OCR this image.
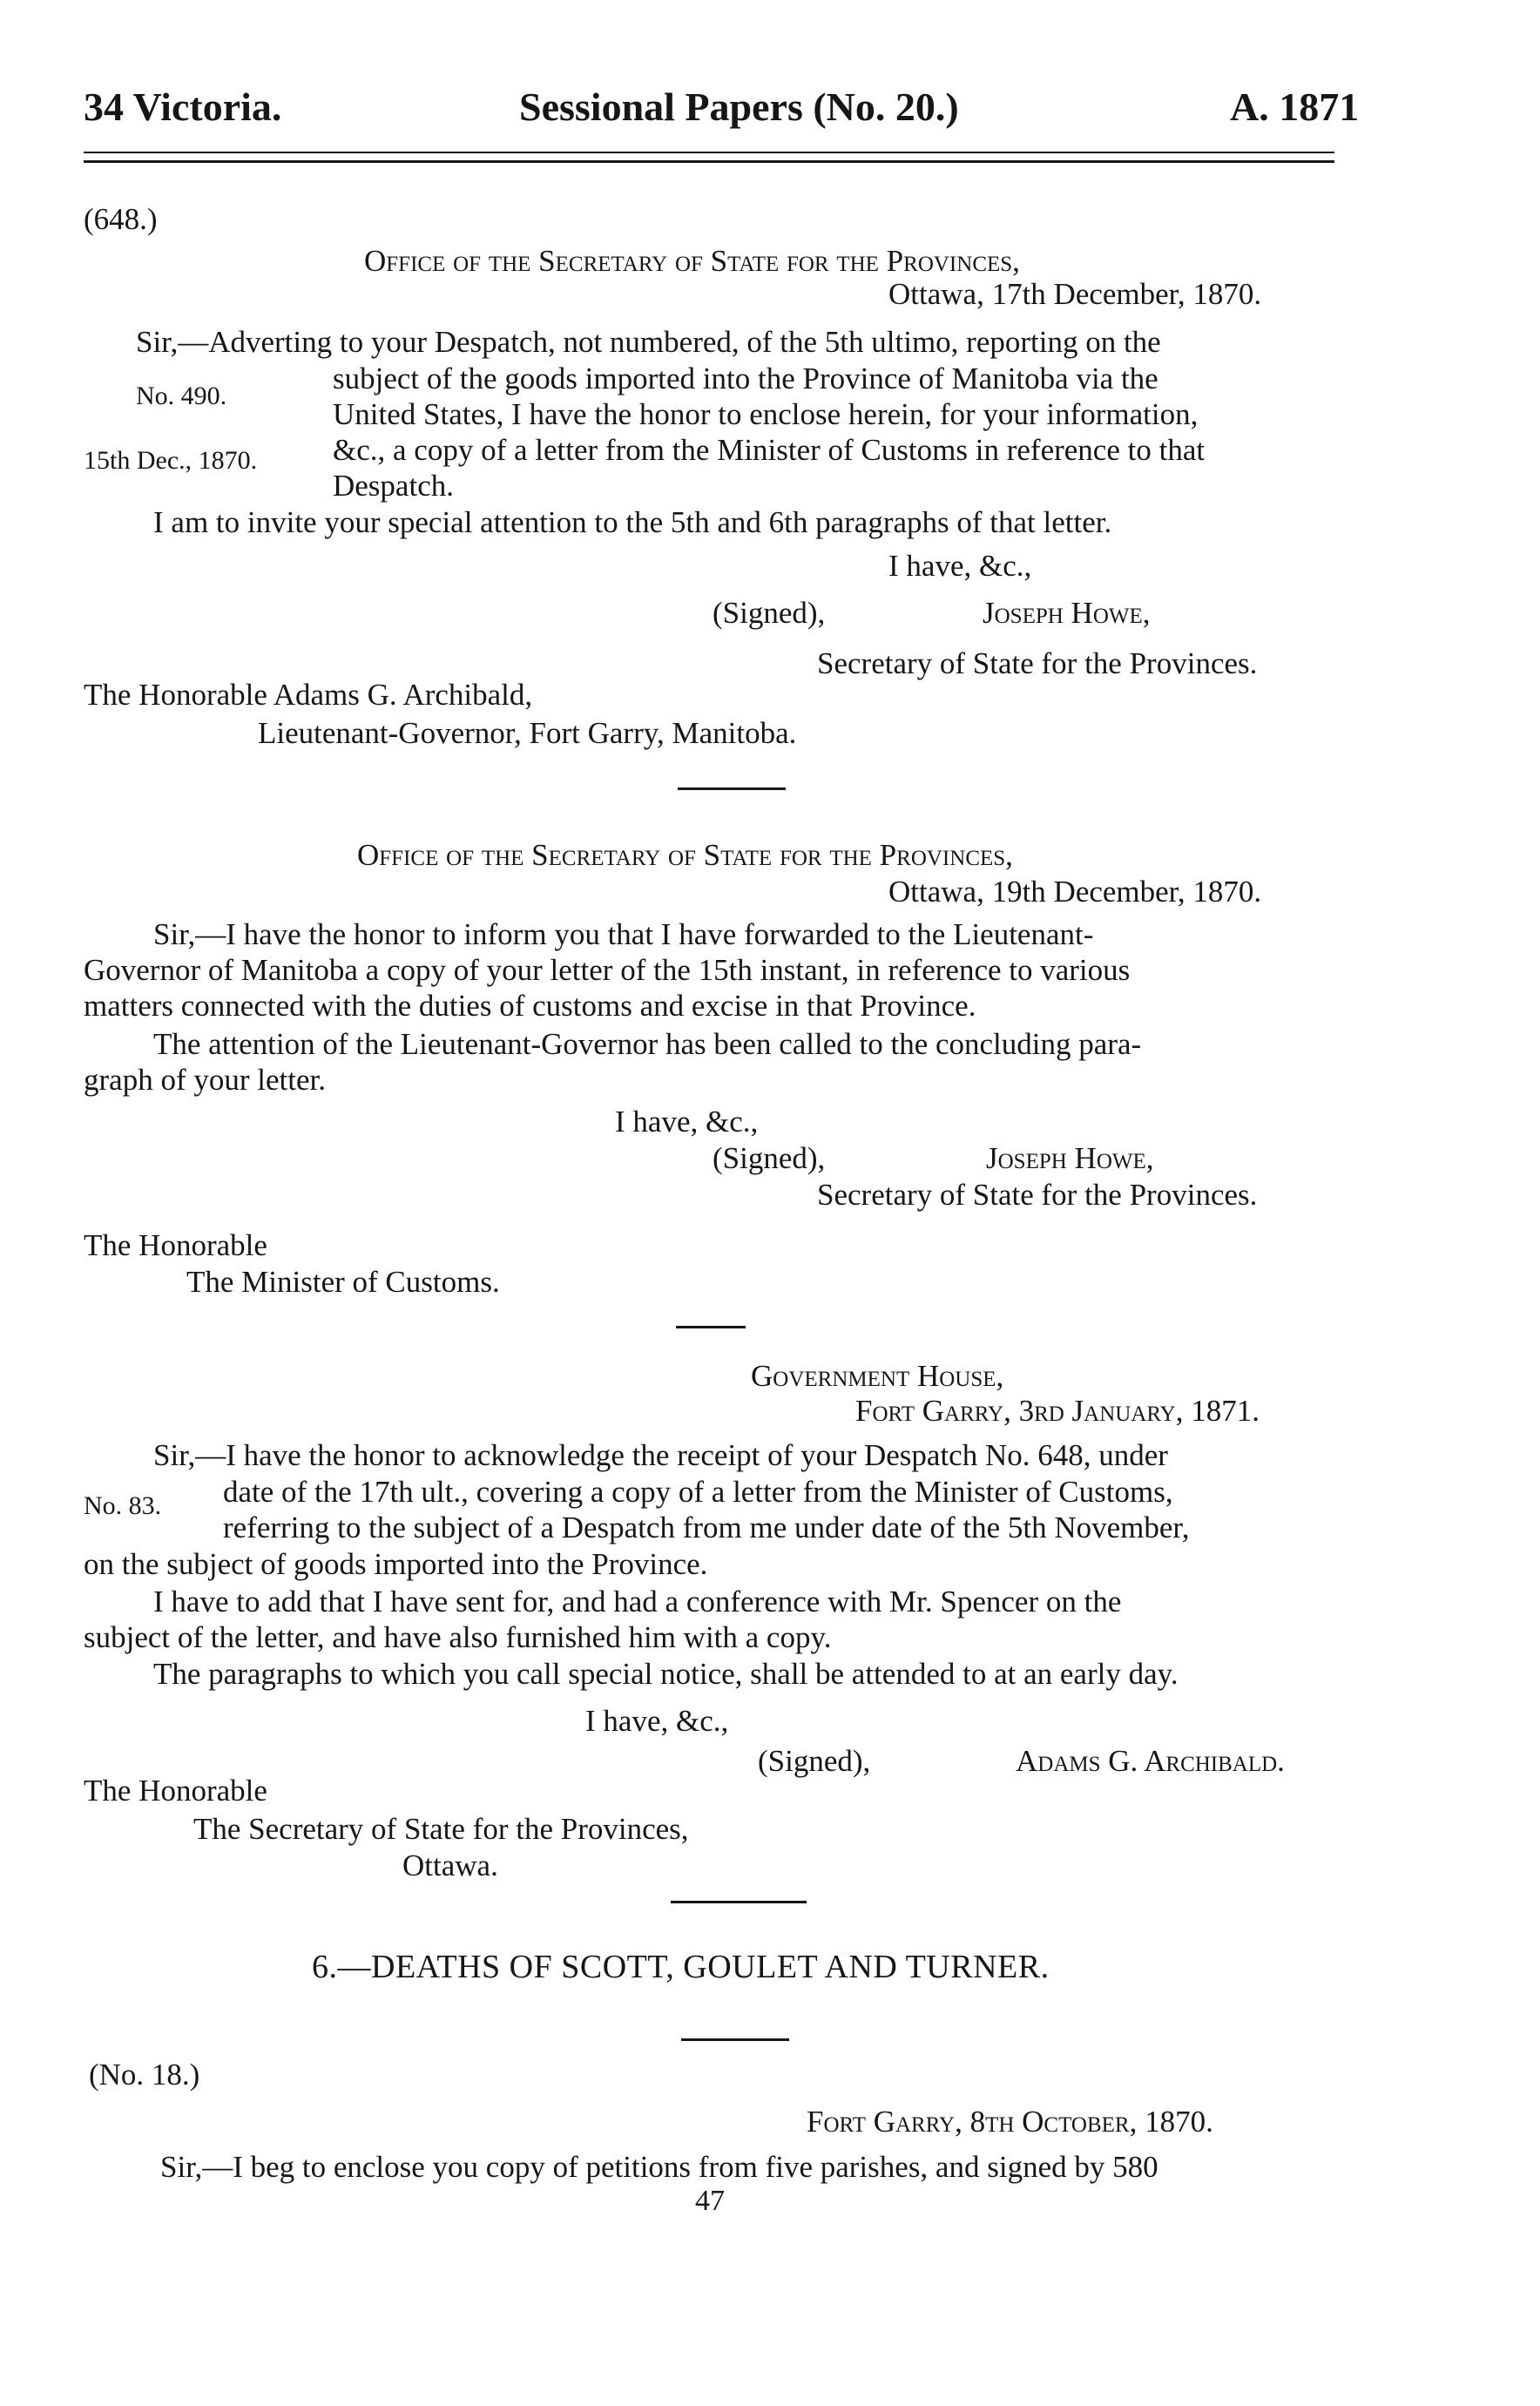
34 Victoria.	Sessional Papers (No. 20.)	A. 1871
(648.)
Office of the Secretary of State for the Provinces,
Ottawa, 17th December, 1870.
Sir,—Adverting to your Despatch, not numbered, of the 5th ultimo, reporting on the
subject of the goods imported into the Province of Manitoba via the
United States, I have the honor to enclose herein, for your information,
&c., a copy of a letter from the Minister of Customs in reference to that
Despatch.
No. 490.
15th Dec., 1870.
I am to invite your special attention to the 5th and 6th paragraphs of that letter.
I have, &c.,
(Signed),	Joseph Howe,
Secretary of State for the Provinces.
The Honorable Adams G. Archibald,
Lieutenant-Governor, Fort Garry, Manitoba.
Office of the Secretary of State for the Provinces,
Ottawa, 19th December, 1870.
Sir,—I have the honor to inform you that I have forwarded to the Lieutenant-
Governor of Manitoba a copy of your letter of the 15th instant, in reference to various
matters connected with the duties of customs and excise in that Province.
The attention of the Lieutenant-Governor has been called to the concluding para-
graph of your letter.
I have, &c.,
(Signed),	Joseph Howe,
Secretary of State for the Provinces.
The Honorable
The Minister of Customs.
Government House,
Fort Garry, 3rd January, 1871.
Sir,—I have the honor to acknowledge the receipt of your Despatch No. 648, under
date of the 17th ult., covering a copy of a letter from the Minister of Customs,
referring to the subject of a Despatch from me under date of the 5th November,
No. 83.
on the subject of goods imported into the Province.
I have to add that I have sent for, and had a conference with Mr. Spencer on the
subject of the letter, and have also furnished him with a copy.
The paragraphs to which you call special notice, shall be attended to at an early day.
I have, &c.,
(Signed),	Adams G. Archibald.
The Honorable
The Secretary of State for the Provinces,
Ottawa.
6.—DEATHS OF SCOTT, GOULET AND TURNER.
(No. 18.)
Fort Garry, 8th October, 1870.
Sir,—I beg to enclose you copy of petitions from five parishes, and signed by 580
47
